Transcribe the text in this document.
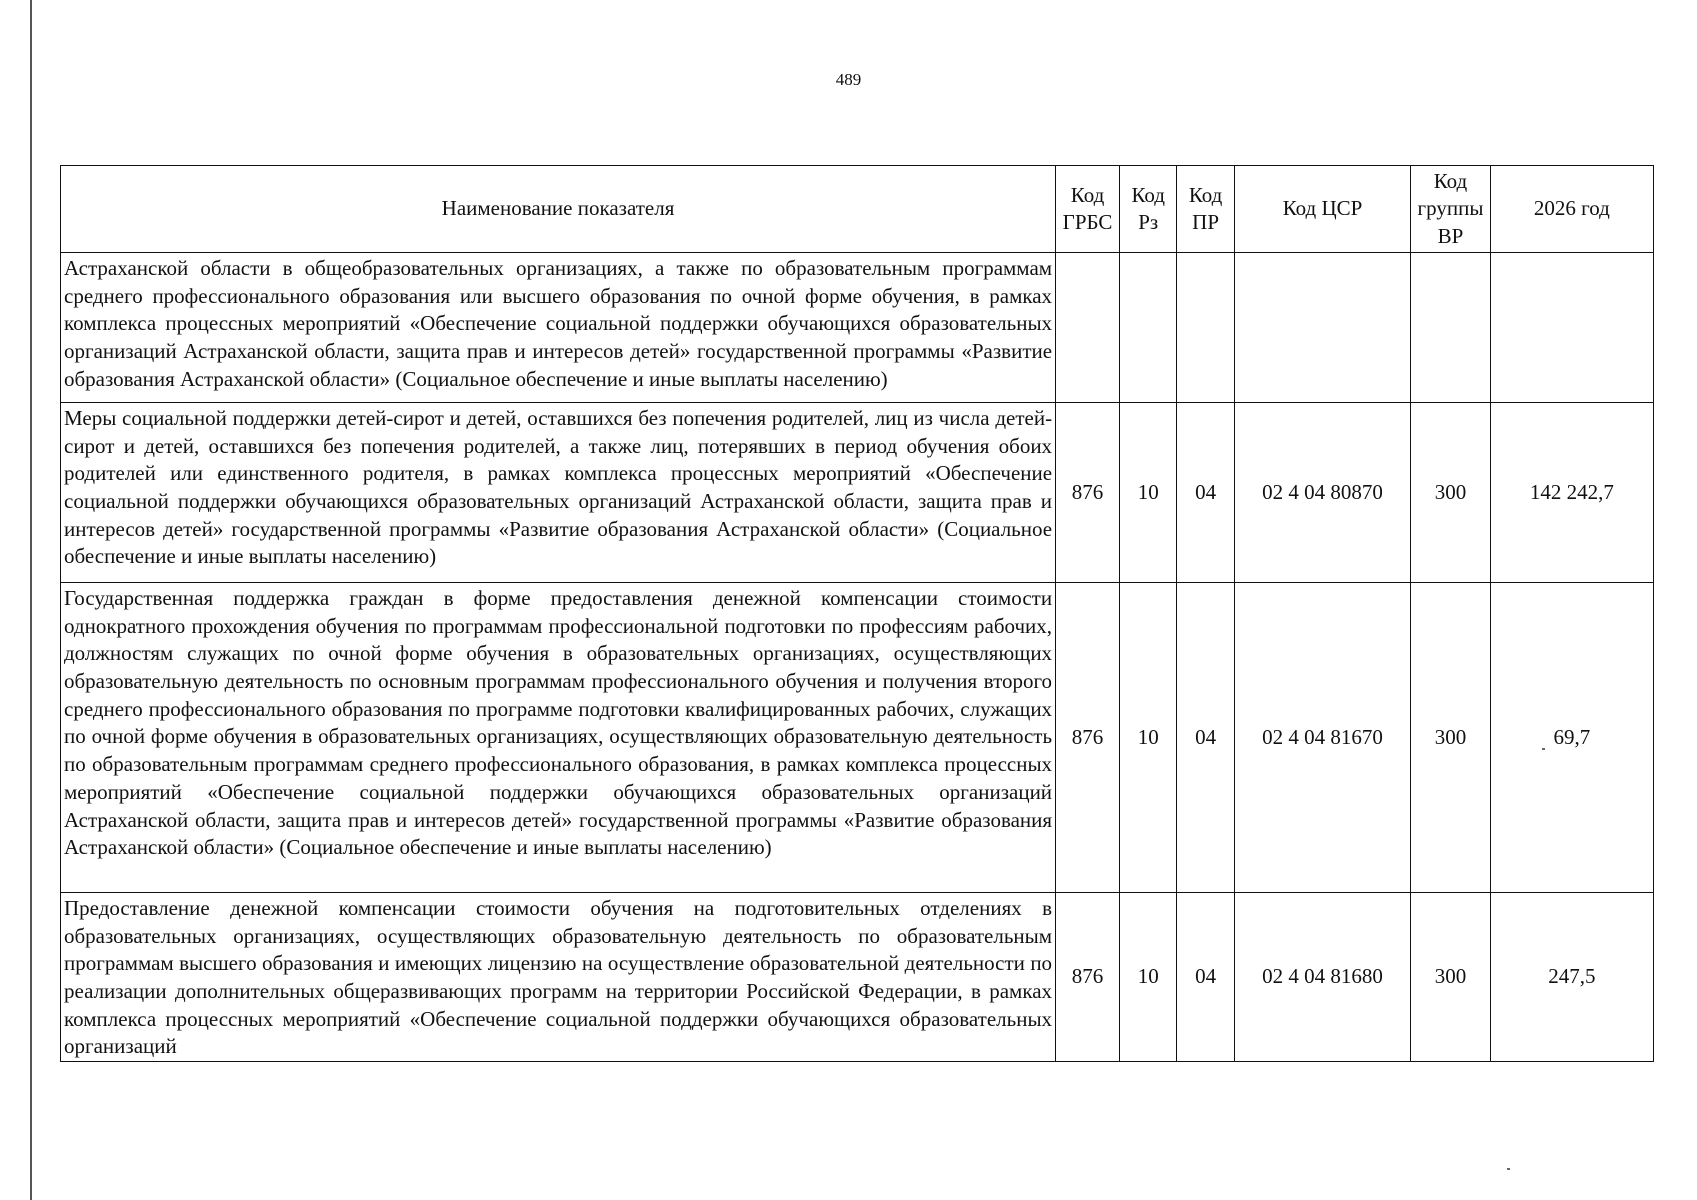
489
Наименование показателя	Код ГРБС	Код Рз	Код ПР	Код ЦСР	Код группы ВР	2026 год
Астраханской области в общеобразовательных организациях, а также по образовательным программам среднего профессионального образования или высшего образования по очной форме обучения, в рамках комплекса процессных мероприятий «Обеспечение социальной поддержки обучающихся образовательных организаций Астраханской области, защита прав и интересов детей» государственной программы «Развитие образования Астраханской области» (Социальное обеспечение и иные выплаты населению)						
Меры социальной поддержки детей-сирот и детей, оставшихся без попечения родителей, лиц из числа детей-сирот и детей, оставшихся без попечения родителей, а также лиц, потерявших в период обучения обоих родителей или единственного родителя, в рамках комплекса процессных мероприятий «Обеспечение социальной поддержки обучающихся образовательных организаций Астраханской области, защита прав и интересов детей» государственной программы «Развитие образования Астраханской области» (Социальное обеспечение и иные выплаты населению)	876	10	04	02 4 04 80870	300	142 242,7
Государственная поддержка граждан в форме предоставления денежной компенсации стоимости однократного прохождения обучения по программам профессиональной подготовки по профессиям рабочих, должностям служащих по очной форме обучения в образовательных организациях, осуществляющих образовательную деятельность по основным программам профессионального обучения и получения второго среднего профессионального образования по программе подготовки квалифицированных рабочих, служащих по очной форме обучения в образовательных организациях, осуществляющих образовательную деятельность по образовательным программам среднего профессионального образования, в рамках комплекса процессных мероприятий «Обеспечение социальной поддержки обучающихся образовательных организаций Астраханской области, защита прав и интересов детей» государственной программы «Развитие образования Астраханской области» (Социальное обеспечение и иные выплаты населению)	876	10	04	02 4 04 81670	300	69,7
Предоставление денежной компенсации стоимости обучения на подготовительных отделениях в образовательных организациях, осуществляющих образовательную деятельность по образовательным программам высшего образования и имеющих лицензию на осуществление образовательной деятельности по реализации дополнительных общеразвивающих программ на территории Российской Федерации, в рамках комплекса процессных мероприятий «Обеспечение социальной поддержки обучающихся образовательных организаций	876	10	04	02 4 04 81680	300	247,5
